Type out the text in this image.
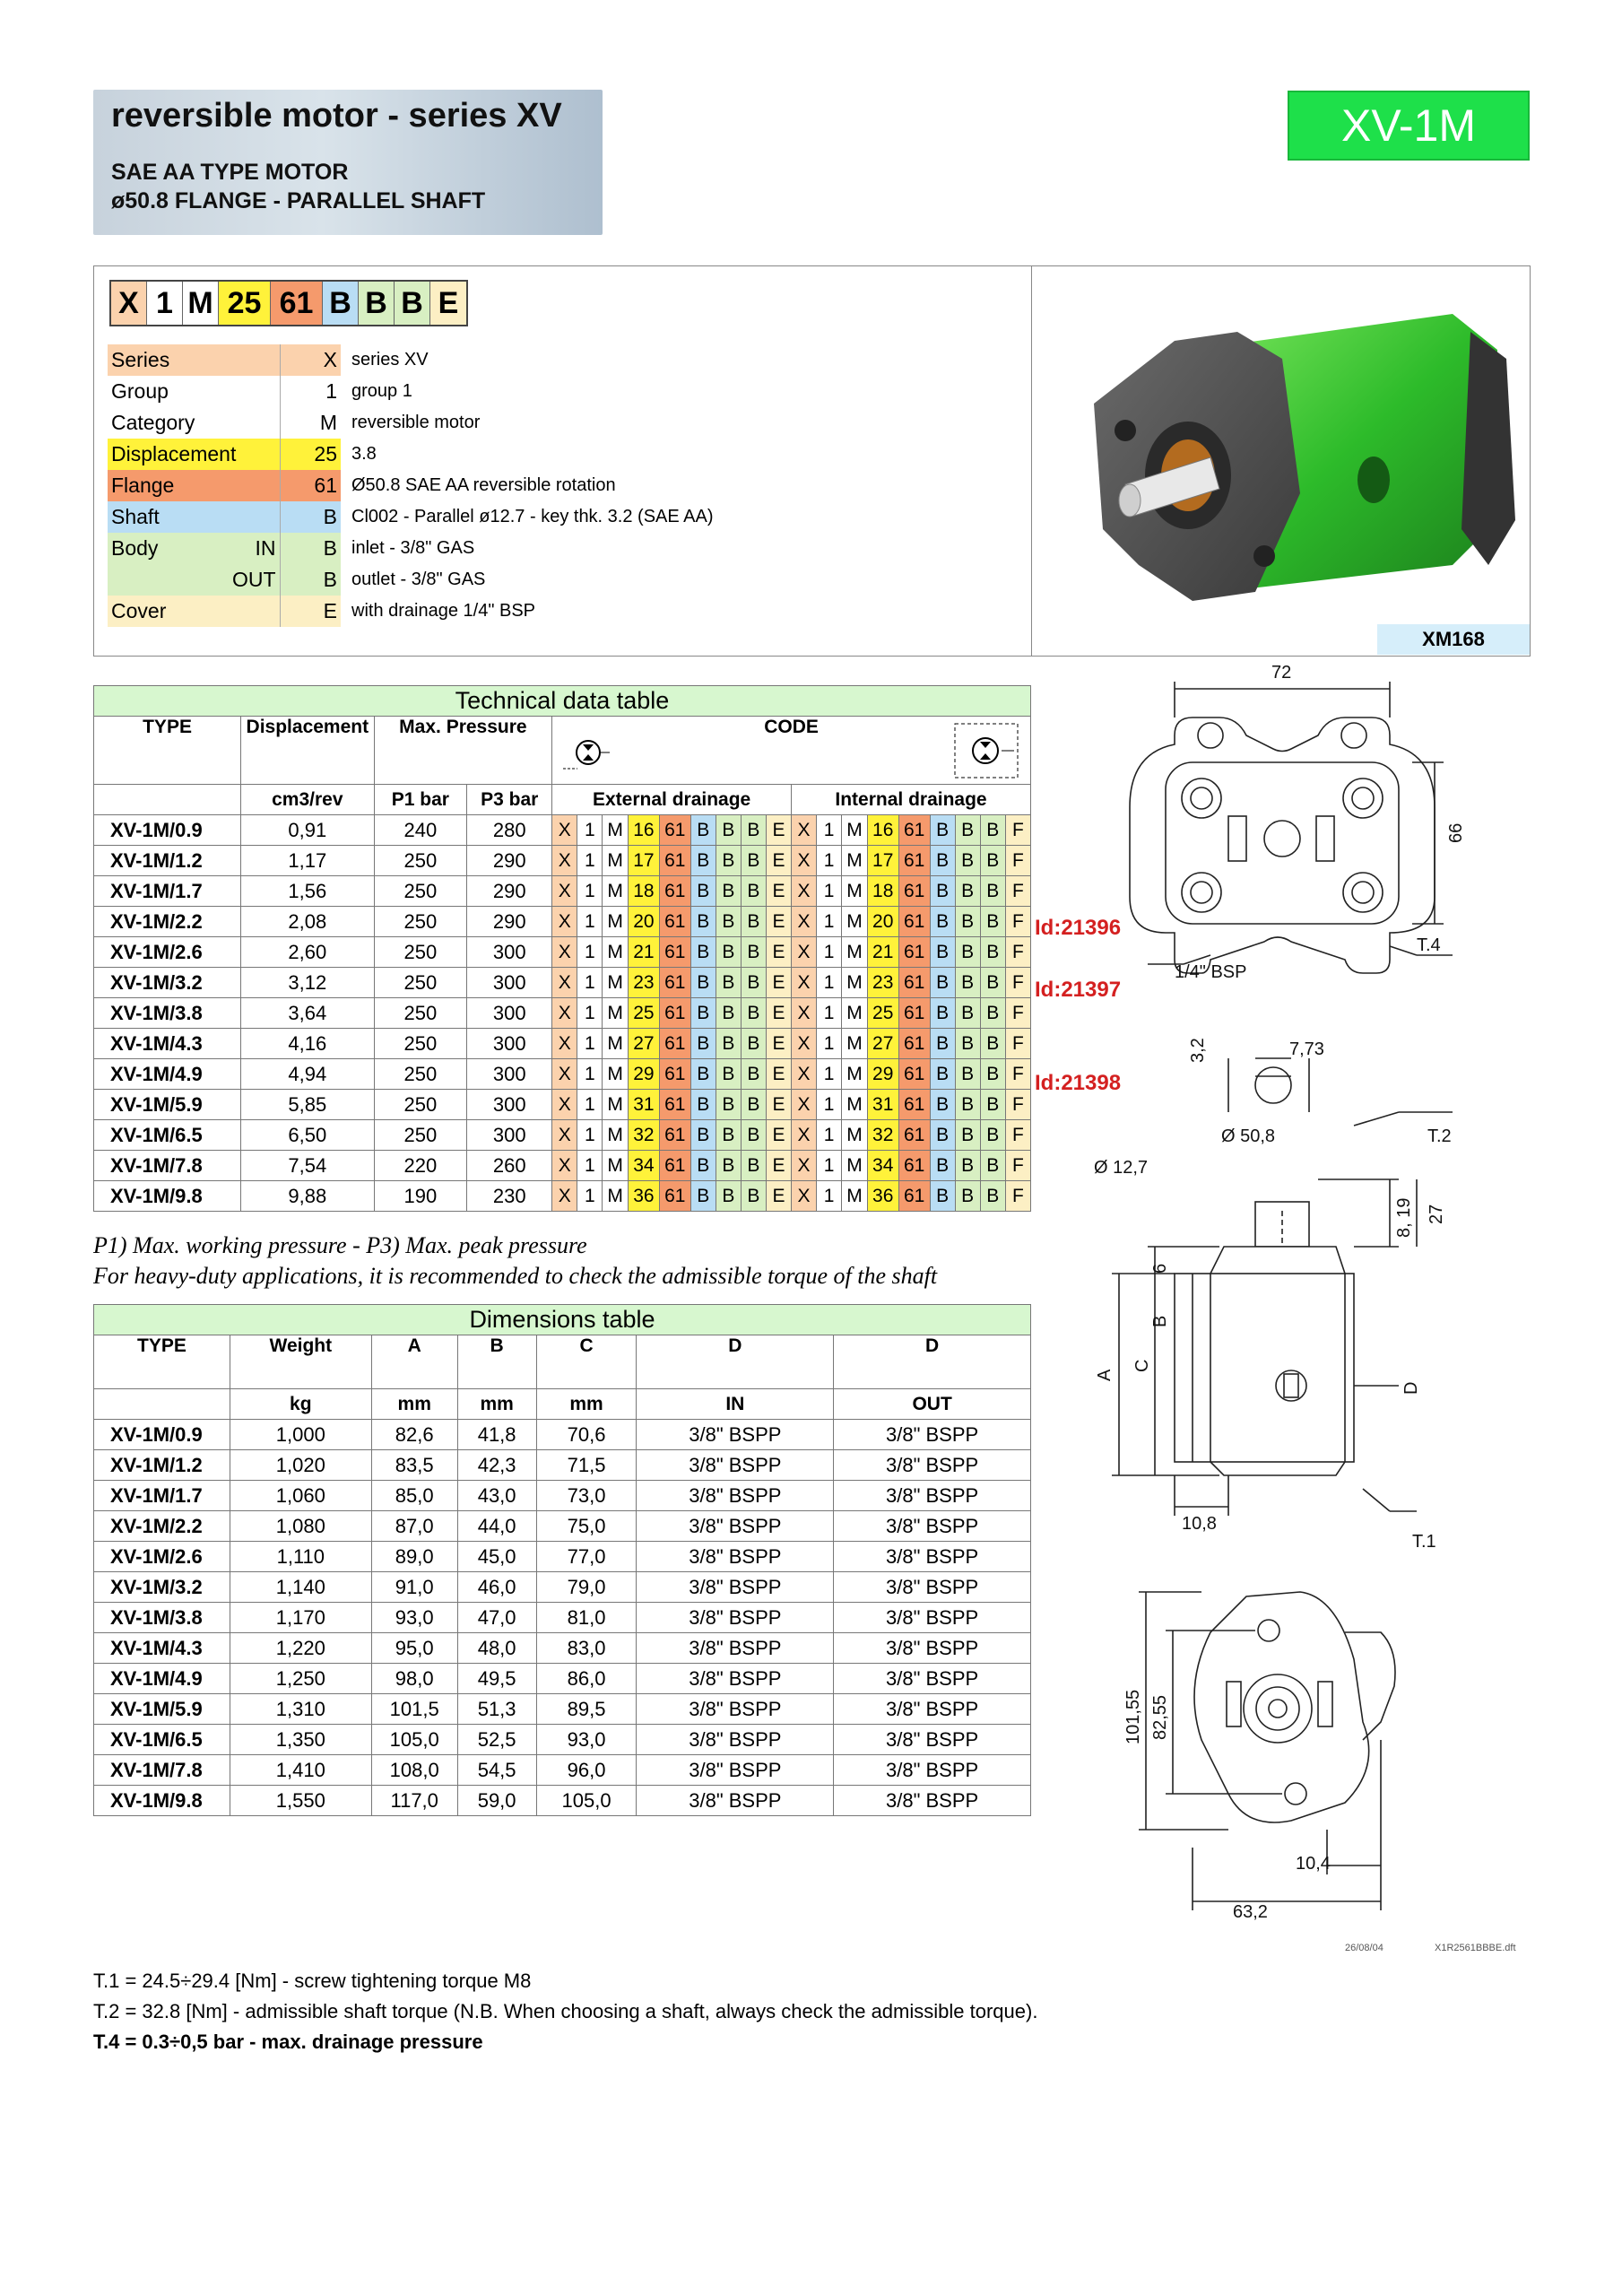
reversible motor - series XV
SAE AA TYPE MOTOR
ø50.8 FLANGE - PARALLEL SHAFT
XV-1M
X 1 M 25 61 B B B E
Series	X	series XV
Group	1	group 1
Category	M	reversible motor
Displacement	25	3.8
Flange	61	Ø50.8 SAE AA reversible rotation
Shaft	B	Cl002 - Parallel ø12.7 - key thk. 3.2 (SAE AA)
Body IN	B	inlet - 3/8" GAS

OUT	B	outlet - 3/8" GAS
Cover	E	with drainage 1/4" BSP
XM168
Technical data table																					
TYPE	Displacement	Max. Pressure		CODE																	

	cm3/rev	P1 bar	P3 bar	External drainage									Internal drainage								
XV-1M/0.9	0,91	240	280	X	1	M	16	61	B	B	B	E	X	1	M	16	61	B	B	B	F
XV-1M/1.2	1,17	250	290	X	1	M	17	61	B	B	B	E	X	1	M	17	61	B	B	B	F
XV-1M/1.7	1,56	250	290	X	1	M	18	61	B	B	B	E	X	1	M	18	61	B	B	B	F
XV-1M/2.2	2,08	250	290	X	1	M	20	61	B	B	B	E	X	1	M	20	61	B	B	B	F
XV-1M/2.6	2,60	250	300	X	1	M	21	61	B	B	B	E	X	1	M	21	61	B	B	B	F
XV-1M/3.2	3,12	250	300	X	1	M	23	61	B	B	B	E	X	1	M	23	61	B	B	B	F
XV-1M/3.8	3,64	250	300	X	1	M	25	61	B	B	B	E	X	1	M	25	61	B	B	B	F
XV-1M/4.3	4,16	250	300	X	1	M	27	61	B	B	B	E	X	1	M	27	61	B	B	B	F
XV-1M/4.9	4,94	250	300	X	1	M	29	61	B	B	B	E	X	1	M	29	61	B	B	B	F
XV-1M/5.9	5,85	250	300	X	1	M	31	61	B	B	B	E	X	1	M	31	61	B	B	B	F
XV-1M/6.5	6,50	250	300	X	1	M	32	61	B	B	B	E	X	1	M	32	61	B	B	B	F
XV-1M/7.8	7,54	220	260	X	1	M	34	61	B	B	B	E	X	1	M	34	61	B	B	B	F
XV-1M/9.8	9,88	190	230	X	1	M	36	61	B	B	B	E	X	1	M	36	61	B	B	B	F
Id:21396
Id:21397
Id:21398
P1) Max. working pressure - P3) Max. peak pressure
For heavy-duty applications, it is recommended to check the admissible torque of the shaft
Dimensions table						
TYPE	Weight	A	B	C	D	D
	kg	mm	mm	mm	IN	OUT
XV-1M/0.9	1,000	82,6	41,8	70,6	3/8" BSPP	3/8" BSPP
XV-1M/1.2	1,020	83,5	42,3	71,5	3/8" BSPP	3/8" BSPP
XV-1M/1.7	1,060	85,0	43,0	73,0	3/8" BSPP	3/8" BSPP
XV-1M/2.2	1,080	87,0	44,0	75,0	3/8" BSPP	3/8" BSPP
XV-1M/2.6	1,110	89,0	45,0	77,0	3/8" BSPP	3/8" BSPP
XV-1M/3.2	1,140	91,0	46,0	79,0	3/8" BSPP	3/8" BSPP
XV-1M/3.8	1,170	93,0	47,0	81,0	3/8" BSPP	3/8" BSPP
XV-1M/4.3	1,220	95,0	48,0	83,0	3/8" BSPP	3/8" BSPP
XV-1M/4.9	1,250	98,0	49,5	86,0	3/8" BSPP	3/8" BSPP
XV-1M/5.9	1,310	101,5	51,3	89,5	3/8" BSPP	3/8" BSPP
XV-1M/6.5	1,350	105,0	52,5	93,0	3/8" BSPP	3/8" BSPP
XV-1M/7.8	1,410	108,0	54,5	96,0	3/8" BSPP	3/8" BSPP
XV-1M/9.8	1,550	117,0	59,0	105,0	3/8" BSPP	3/8" BSPP
72
66
T.4
1/4" BSP
3,2	7,73
Ø 50,8	T.2
Ø 12,7
8, 19 27
6
A
B
C
D
10,8
T.1
101,55 82,55
10,4
63,2
26/08/04	X1R2561BBBE.dft
T.1 = 24.5÷29.4 [Nm] - screw tightening torque M8
T.2 = 32.8 [Nm] - admissible shaft torque (N.B. When choosing a shaft, always check the admissible torque).
T.4 = 0.3÷0,5 bar - max. drainage pressure
